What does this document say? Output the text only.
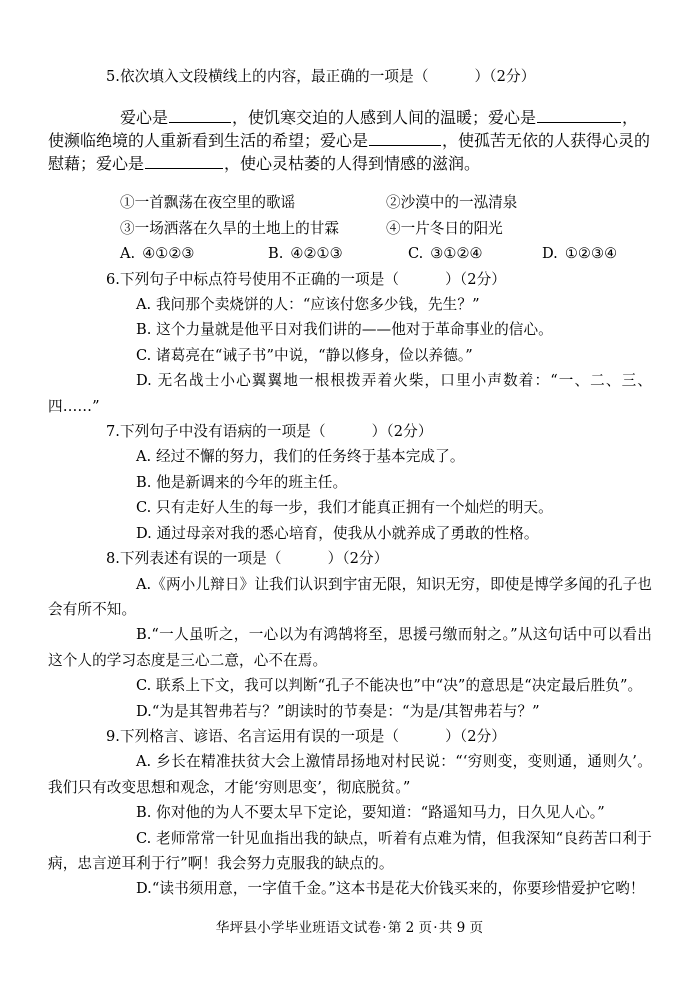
5.依次填入文段横线上的内容，最正确的一项是（	）（2分）

爱心是	，使饥寒交迫的人感到人间的温暖；爱心是	，使濒临绝境的人重新看到生活的希望；爱心是	，使孤苦无依的人获得心灵的慰藉；爱心是	，使心灵枯萎的人得到情感的滋润。

①一首飘荡在夜空里的歌谣	②沙漠中的一泓清泉
③一场洒落在久旱的土地上的甘霖	④一片冬日的阳光
A. ④①②③	B. ④②①③	C. ③①②④	D. ①②③④

6.下列句子中标点符号使用不正确的一项是（	）（2分）

A. 我问那个卖烧饼的人：“应该付您多少钱，先生？”

B. 这个力量就是他平日对我们讲的——他对于革命事业的信心。

C. 诸葛亮在“诫子书”中说，“静以修身，俭以养德。”

D. 无名战士小心翼翼地一根根拨弄着火柴，口里小声数着：“一、二、三、四……”

7.下列句子中没有语病的一项是（	）（2分）

A. 经过不懈的努力，我们的任务终于基本完成了。

B. 他是新调来的今年的班主任。

C. 只有走好人生的每一步，我们才能真正拥有一个灿烂的明天。

D. 通过母亲对我的悉心培育，使我从小就养成了勇敢的性格。

8.下列表述有误的一项是（	）（2分）

A.《两小儿辩日》让我们认识到宇宙无限，知识无穷，即使是博学多闻的孔子也会有所不知。

B.“一人虽听之，一心以为有鸿鹄将至，思援弓缴而射之。”从这句话中可以看出这个人的学习态度是三心二意，心不在焉。

C. 联系上下文，我可以判断“孔子不能决也”中“决”的意思是“决定最后胜负”。

D.“为是其智弗若与？”朗读时的节奏是：“为是/其智弗若与？”

9.下列格言、谚语、名言运用有误的一项是（	）（2分）

A. 乡长在精准扶贫大会上激情昂扬地对村民说：“‘穷则变，变则通，通则久’。我们只有改变思想和观念，才能‘穷则思变’，彻底脱贫。”

B. 你对他的为人不要太早下定论，要知道：“路遥知马力，日久见人心。”

C. 老师常常一针见血指出我的缺点，听着有点难为情，但我深知“良药苦口利于病，忠言逆耳利于行”啊！我会努力克服我的缺点的。

D.“读书须用意，一字值千金。”这本书是花大价钱买来的，你要珍惜爱护它哟！

华坪县小学毕业班语文试卷·第 2 页·共 9 页
